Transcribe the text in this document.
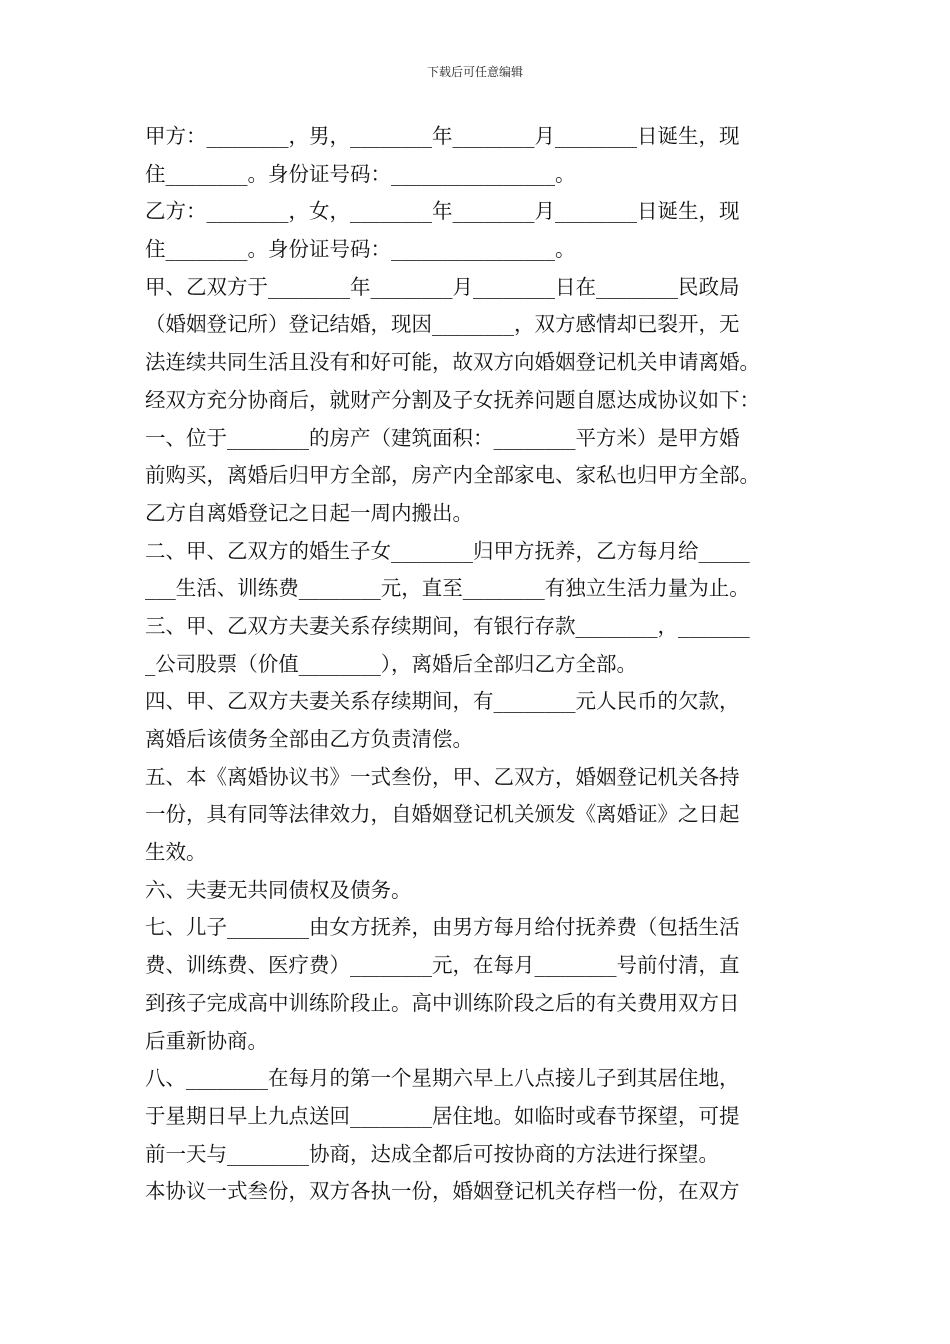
下载后可任意编辑
甲方：________，男，________年________月________日诞生，现
住________。身份证号码：________________。
乙方：________，女，________年________月________日诞生，现
住________。身份证号码：________________。
甲、乙双方于________年________月________日在________民政局
（婚姻登记所）登记结婚，现因________，双方感情却已裂开，无
法连续共同生活且没有和好可能，故双方向婚姻登记机关申请离婚。
经双方充分协商后，就财产分割及子女抚养问题自愿达成协议如下：
一、位于________的房产（建筑面积：________平方米）是甲方婚
前购买，离婚后归甲方全部，房产内全部家电、家私也归甲方全部。
乙方自离婚登记之日起一周内搬出。
二、甲、乙双方的婚生子女________归甲方抚养，乙方每月给_____
___生活、训练费________元，直至________有独立生活力量为止。
三、甲、乙双方夫妻关系存续期间，有银行存款________，_______
_公司股票（价值________），离婚后全部归乙方全部。
四、甲、乙双方夫妻关系存续期间，有________元人民币的欠款，
离婚后该债务全部由乙方负责清偿。
五、本《离婚协议书》一式叁份，甲、乙双方，婚姻登记机关各持
一份，具有同等法律效力，自婚姻登记机关颁发《离婚证》之日起
生效。
六、夫妻无共同债权及债务。
七、儿子________由女方抚养，由男方每月给付抚养费（包括生活
费、训练费、医疗费）________元，在每月________号前付清，直
到孩子完成高中训练阶段止。高中训练阶段之后的有关费用双方日
后重新协商。
八、________在每月的第一个星期六早上八点接儿子到其居住地，
于星期日早上九点送回________居住地。如临时或春节探望，可提
前一天与________协商，达成全都后可按协商的方法进行探望。
本协议一式叁份，双方各执一份，婚姻登记机关存档一份，在双方
